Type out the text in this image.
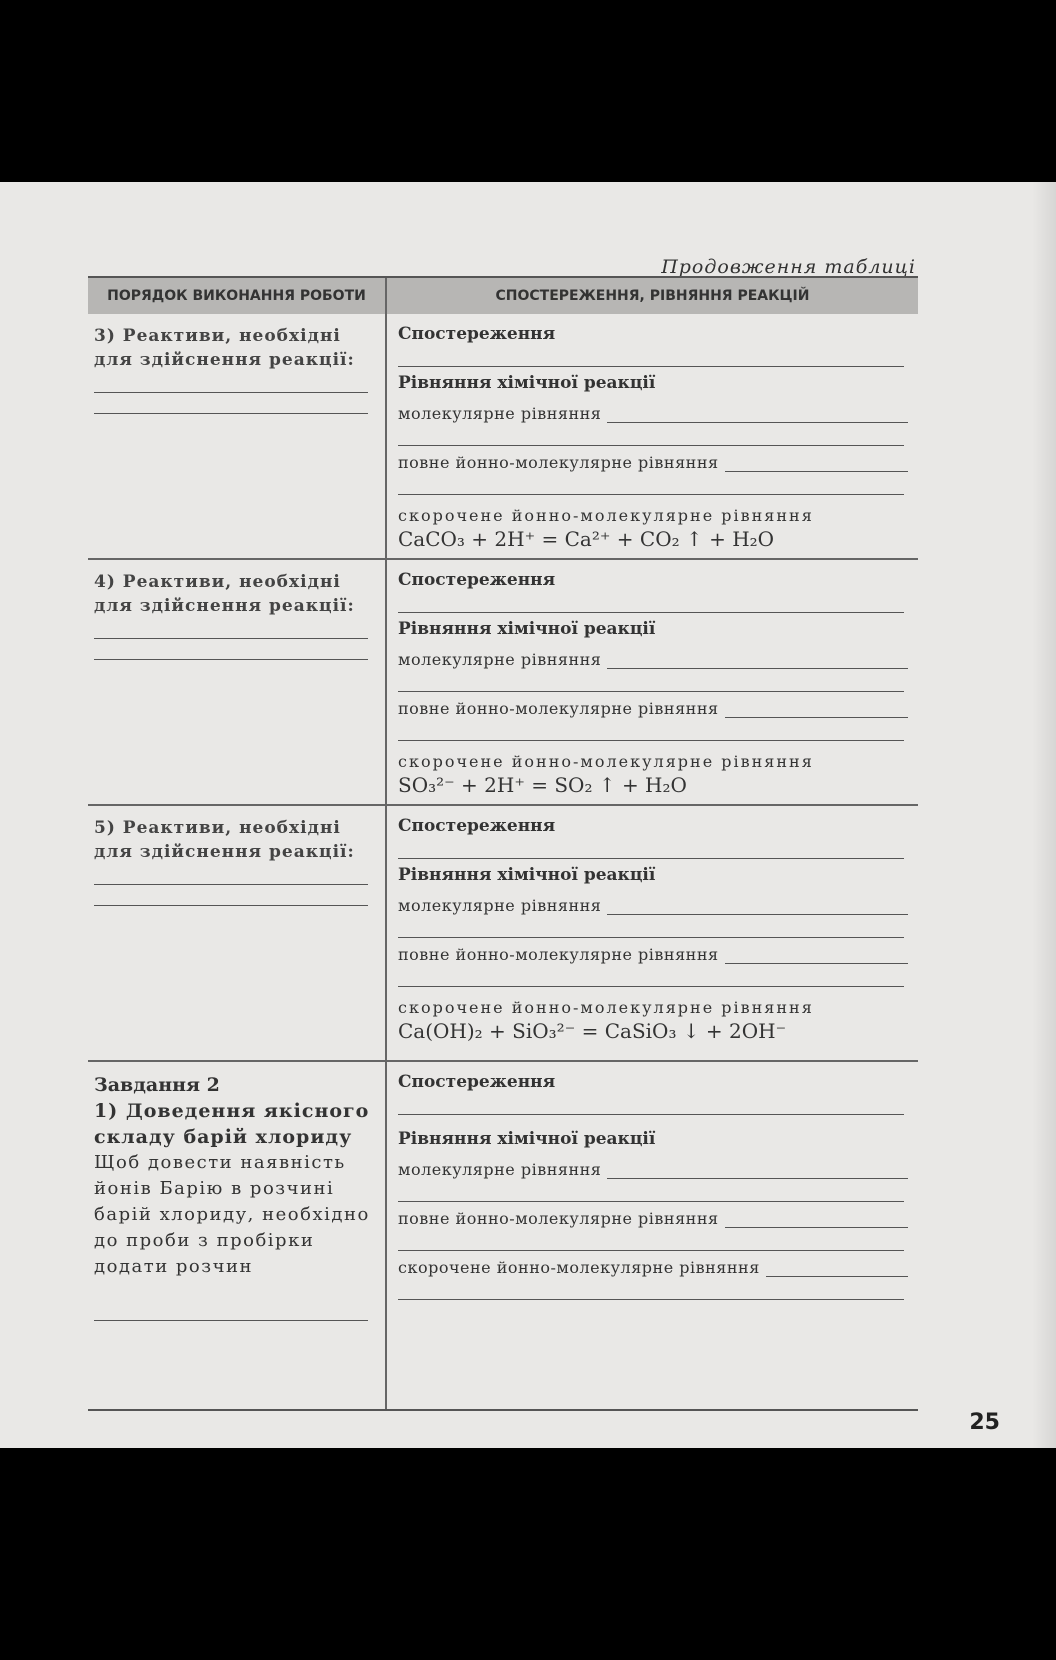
Продовження таблиці
ПОРЯДОК ВИКОНАННЯ РОБОТИ	СПОСТЕРЕЖЕННЯ, РІВНЯННЯ РЕАКЦІЙ

3) Реактиви, необхідні для здійснення реакції:

Спостереження

Рівняння хімічної реакції

молекулярне рівняння
повне йонно-молекулярне рівняння
скорочене йонно-молекулярне рівняння
CaCO₃ + 2H⁺ = Ca²⁺ + CO₂ ↑ + H₂O

4) Реактиви, необхідні для здійснення реакції:

Спостереження

Рівняння хімічної реакції

молекулярне рівняння
повне йонно-молекулярне рівняння
скорочене йонно-молекулярне рівняння
SO₃²⁻ + 2H⁺ = SO₂ ↑ + H₂O

5) Реактиви, необхідні для здійснення реакції:

Спостереження

Рівняння хімічної реакції

молекулярне рівняння
повне йонно-молекулярне рівняння
скорочене йонно-молекулярне рівняння
Ca(OH)₂ + SiO₃²⁻ = CaSiO₃ ↓ + 2OH⁻

Завдання 2

1) Доведення якісного складу барій хлориду

Щоб довести наявність йонів Барію в розчині барій хлориду, необхідно до проби з пробірки додати розчин

Спостереження

Рівняння хімічної реакції

молекулярне рівняння
повне йонно-молекулярне рівняння
скорочене йонно-молекулярне рівняння
25
